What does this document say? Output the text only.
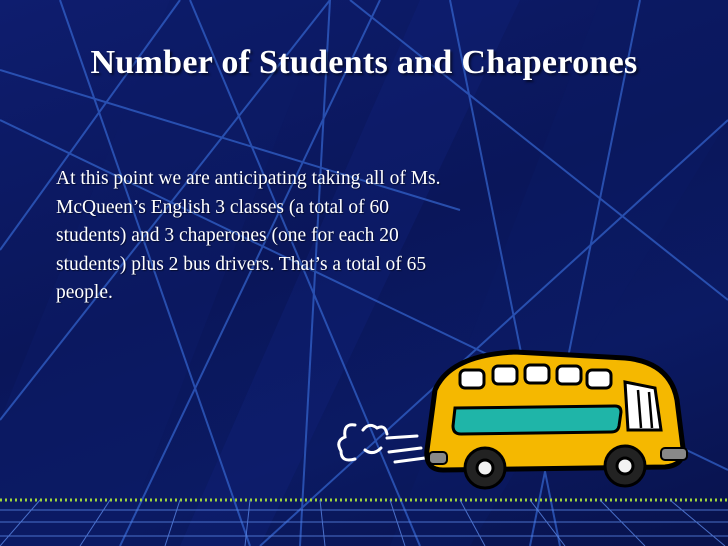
Number of Students and Chaperones
At this point we are anticipating taking all of Ms. McQueen’s English 3 classes (a total of 60 students) and 3 chaperones (one for each 20 students) plus 2 bus drivers. That’s a total of 65 people.
